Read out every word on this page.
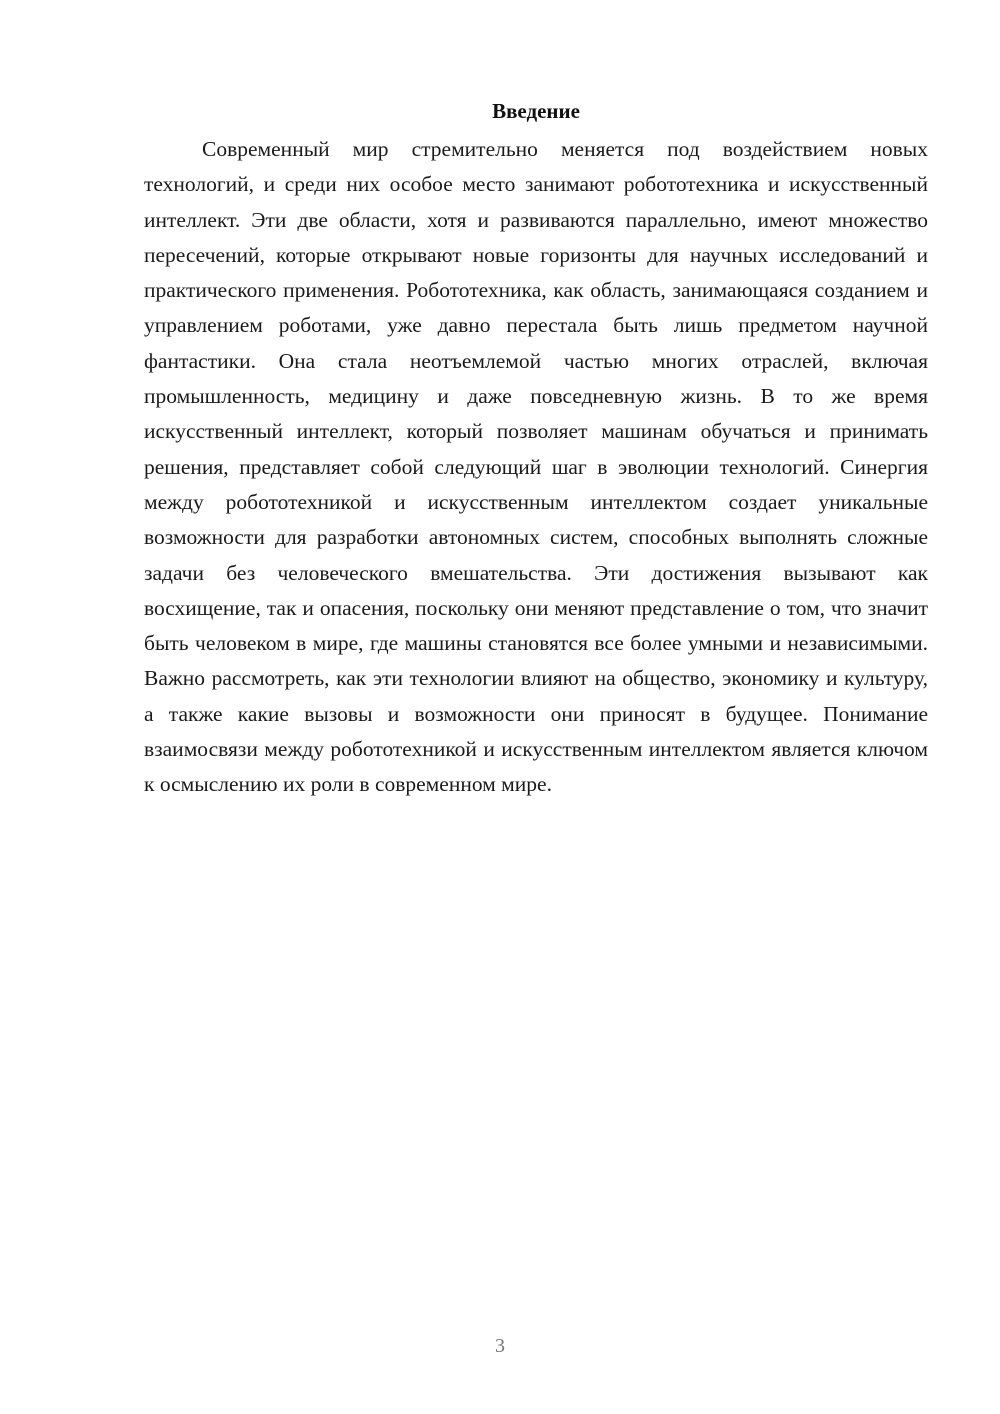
Введение

Современный мир стремительно меняется под воздействием новых технологий, и среди них особое место занимают робототехника и искусственный интеллект. Эти две области, хотя и развиваются параллельно, имеют множество пересечений, которые открывают новые горизонты для научных исследований и практического применения. Робототехника, как область, занимающаяся созданием и управлением роботами, уже давно перестала быть лишь предметом научной фантастики. Она стала неотъемлемой частью многих отраслей, включая промышленность, медицину и даже повседневную жизнь. В то же время искусственный интеллект, который позволяет машинам обучаться и принимать решения, представляет собой следующий шаг в эволюции технологий. Синергия между робототехникой и искусственным интеллектом создает уникальные возможности для разработки автономных систем, способных выполнять сложные задачи без человеческого вмешательства. Эти достижения вызывают как восхищение, так и опасения, поскольку они меняют представление о том, что значит быть человеком в мире, где машины становятся все более умными и независимыми. Важно рассмотреть, как эти технологии влияют на общество, экономику и культуру, а также какие вызовы и возможности они приносят в будущее. Понимание взаимосвязи между робототехникой и искусственным интеллектом является ключом к осмыслению их роли в современном мире.

3
